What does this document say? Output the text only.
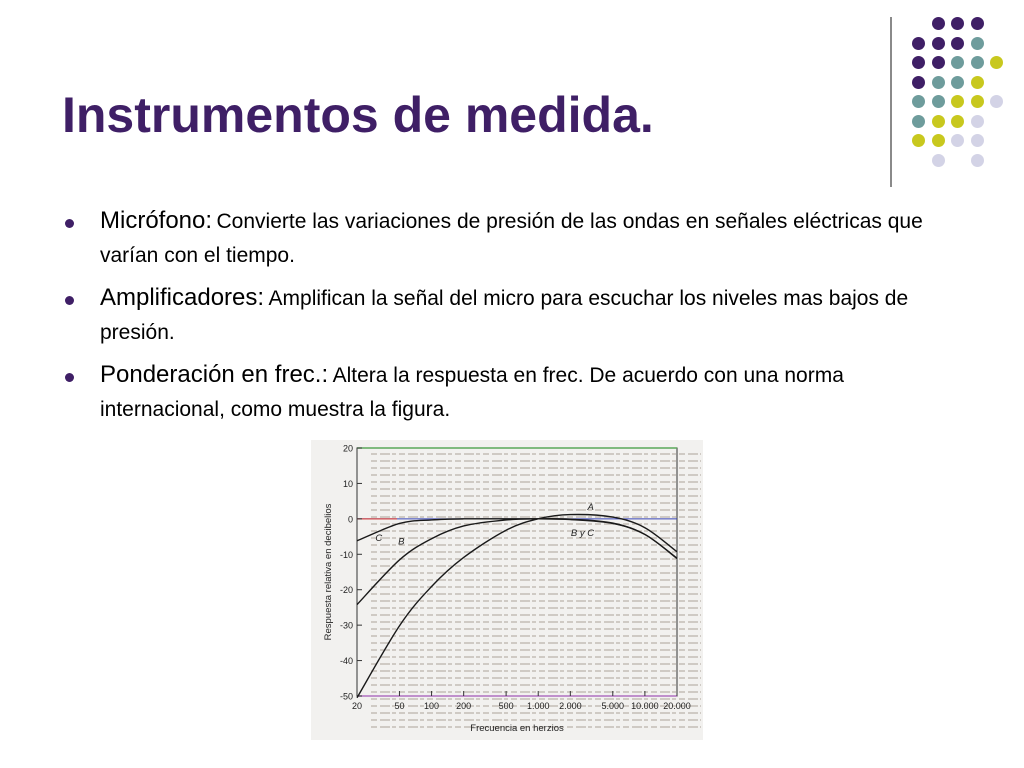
Instrumentos de medida.
Micrófono: Convierte las variaciones de presión de las ondas en señales eléctricas que varían con el tiempo.
Amplificadores: Amplifican la señal del micro para escuchar los niveles mas bajos de presión.
Ponderación en frec.: Altera la respuesta en frec. De acuerdo con una norma internacional, como muestra la figura.
20
10
0
-10
-20
-30
-40
-50
20	50 100 200	500 1.000 2.000 5.000 10.000 20.000
Frecuencia en herzios
Respuesta relativa en decibelios	A
B y C
B
C
